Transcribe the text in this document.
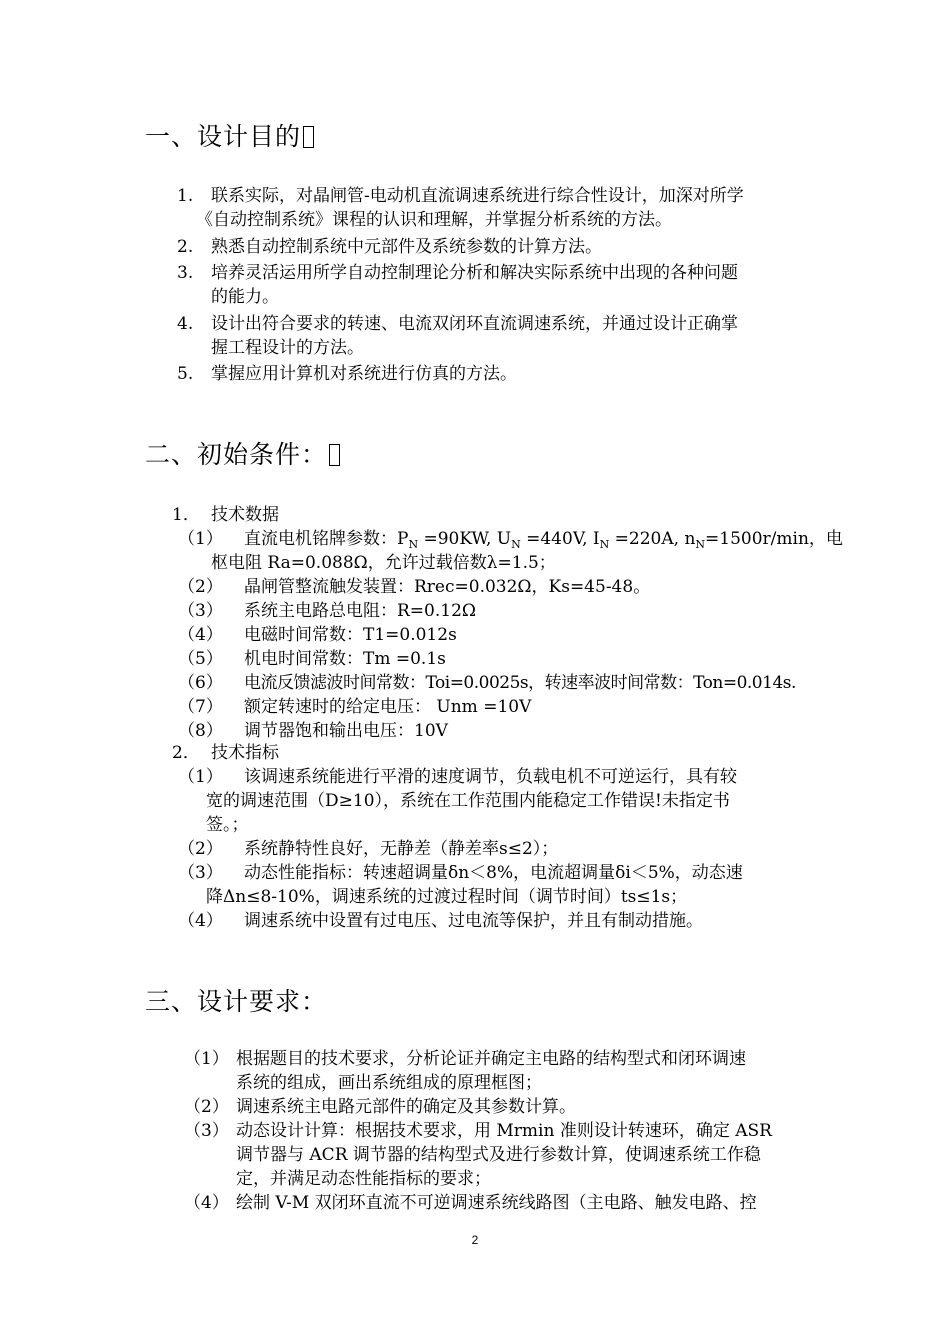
一、设计目的
1. 联系实际，对晶闸管-电动机直流调速系统进行综合性设计，加深对所学
《自动控制系统》课程的认识和理解，并掌握分析系统的方法。
2. 熟悉自动控制系统中元部件及系统参数的计算方法。
3. 培养灵活运用所学自动控制理论分析和解决实际系统中出现的各种问题
的能力。
4. 设计出符合要求的转速、电流双闭环直流调速系统，并通过设计正确掌
握工程设计的方法。
5. 掌握应用计算机对系统进行仿真的方法。
二、初始条件：
1． 技术数据
（1） 直流电机铭牌参数：$P_N =90KW$, $U_N =440V$, $I_N =220A$, $n_N=1500r/\min$，电
枢电阻 Ra=0.088Ω，允许过载倍数λ=1.5；
（2） 晶闸管整流触发装置：Rrec=0.032Ω，Ks=45-48。
（3） 系统主电路总电阻：R=0.12Ω
（4） 电磁时间常数：T1=0.012s
（5） 机电时间常数：Tm =0.1s
（6） 电流反馈滤波时间常数：Toi=0.0025s，转速率波时间常数：Ton=0.014s.
（7） 额定转速时的给定电压： Unm =10V
（8） 调节器饱和输出电压：10V
2． 技术指标
（1） 该调速系统能进行平滑的速度调节，负载电机不可逆运行，具有较
宽的调速范围（D≥10），系统在工作范围内能稳定工作错误!未指定书
签。；
（2） 系统静特性良好，无静差（静差率s≤2）；
（3） 动态性能指标：转速超调量δn＜8%，电流超调量δi＜5%，动态速
降Δn≤8-10%，调速系统的过渡过程时间（调节时间）ts≤1s；
（4） 调速系统中设置有过电压、过电流等保护，并且有制动措施。
三、设计要求：
（1） 根据题目的技术要求，分析论证并确定主电路的结构型式和闭环调速
系统的组成，画出系统组成的原理框图；
（2） 调速系统主电路元部件的确定及其参数计算。
（3） 动态设计计算：根据技术要求，用 Mrmin 准则设计转速环，确定 ASR
调节器与 ACR 调节器的结构型式及进行参数计算，使调速系统工作稳
定，并满足动态性能指标的要求；
（4） 绘制 V-M 双闭环直流不可逆调速系统线路图（主电路、触发电路、控
2
